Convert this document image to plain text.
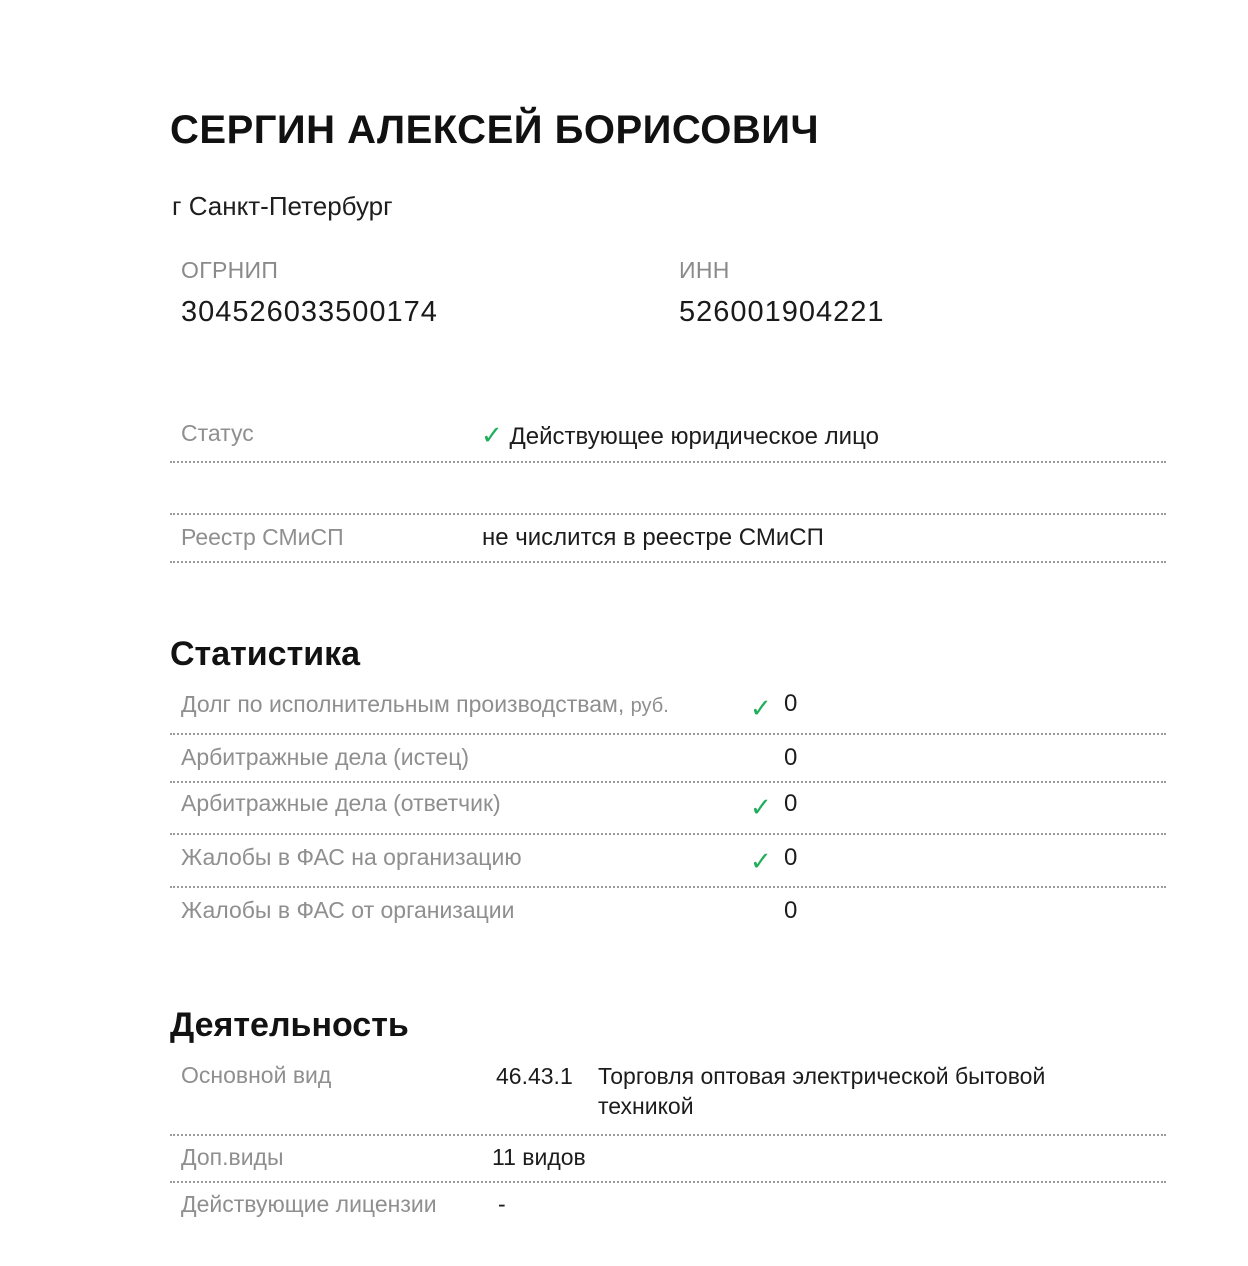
СЕРГИН АЛЕКСЕЙ БОРИСОВИЧ
г Санкт-Петербург
ОГРНИП
304526033500174
ИНН
526001904221
Статус	✓ Действующее юридическое лицо
Реестр СМиСП	не числится в реестре СМиСП
Статистика
Долг по исполнительным производствам, руб.	✓ 0
Арбитражные дела (истец)	0
Арбитражные дела (ответчик)	✓ 0
Жалобы в ФАС на организацию	✓ 0
Жалобы в ФАС от организации	0
Деятельность
Основной вид	46.43.1 Торговля оптовая электрической бытовой
техникой
Доп.виды	11 видов
Действующие лицензии	-
